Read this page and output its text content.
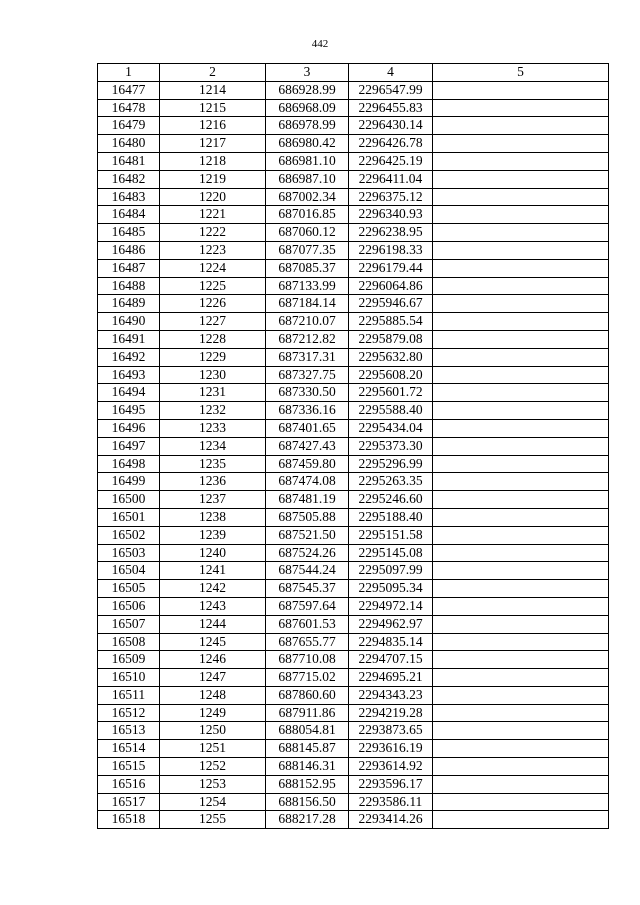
442
1	2	3	4	5
16477	1214	686928.99	2296547.99	
16478	1215	686968.09	2296455.83	
16479	1216	686978.99	2296430.14	
16480	1217	686980.42	2296426.78	
16481	1218	686981.10	2296425.19	
16482	1219	686987.10	2296411.04	
16483	1220	687002.34	2296375.12	
16484	1221	687016.85	2296340.93	
16485	1222	687060.12	2296238.95	
16486	1223	687077.35	2296198.33	
16487	1224	687085.37	2296179.44	
16488	1225	687133.99	2296064.86	
16489	1226	687184.14	2295946.67	
16490	1227	687210.07	2295885.54	
16491	1228	687212.82	2295879.08	
16492	1229	687317.31	2295632.80	
16493	1230	687327.75	2295608.20	
16494	1231	687330.50	2295601.72	
16495	1232	687336.16	2295588.40	
16496	1233	687401.65	2295434.04	
16497	1234	687427.43	2295373.30	
16498	1235	687459.80	2295296.99	
16499	1236	687474.08	2295263.35	
16500	1237	687481.19	2295246.60	
16501	1238	687505.88	2295188.40	
16502	1239	687521.50	2295151.58	
16503	1240	687524.26	2295145.08	
16504	1241	687544.24	2295097.99	
16505	1242	687545.37	2295095.34	
16506	1243	687597.64	2294972.14	
16507	1244	687601.53	2294962.97	
16508	1245	687655.77	2294835.14	
16509	1246	687710.08	2294707.15	
16510	1247	687715.02	2294695.21	
16511	1248	687860.60	2294343.23	
16512	1249	687911.86	2294219.28	
16513	1250	688054.81	2293873.65	
16514	1251	688145.87	2293616.19	
16515	1252	688146.31	2293614.92	
16516	1253	688152.95	2293596.17	
16517	1254	688156.50	2293586.11	
16518	1255	688217.28	2293414.26	
